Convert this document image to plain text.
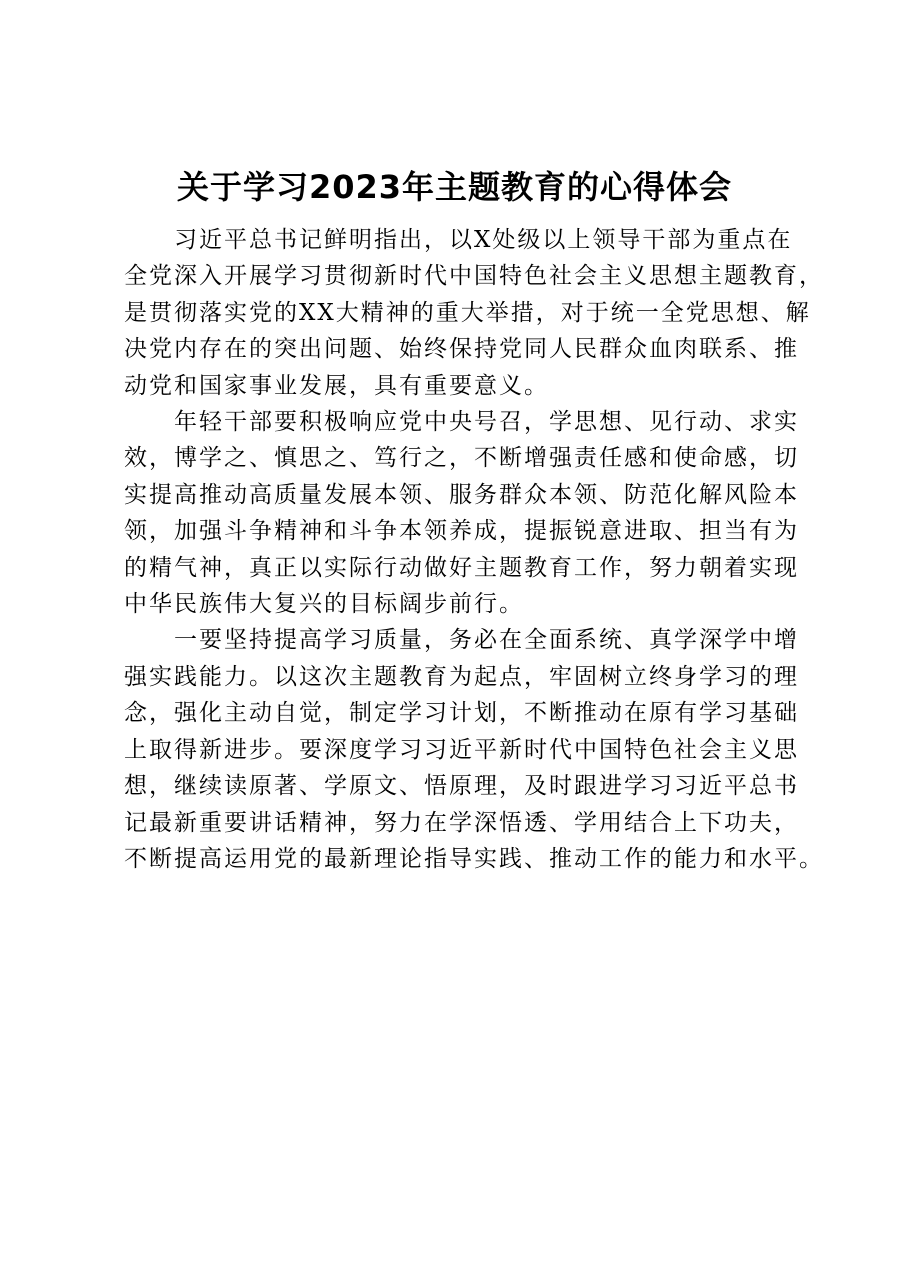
关于学习2023年主题教育的心得体会
　　习近平总书记鲜明指出，以X处级以上领导干部为重点在
全党深入开展学习贯彻新时代中国特色社会主义思想主题教育，
是贯彻落实党的XX大精神的重大举措，对于统一全党思想、解
决党内存在的突出问题、始终保持党同人民群众血肉联系、推
动党和国家事业发展，具有重要意义。
　　年轻干部要积极响应党中央号召，学思想、见行动、求实
效，博学之、慎思之、笃行之，不断增强责任感和使命感，切
实提高推动高质量发展本领、服务群众本领、防范化解风险本
领，加强斗争精神和斗争本领养成，提振锐意进取、担当有为
的精气神，真正以实际行动做好主题教育工作，努力朝着实现
中华民族伟大复兴的目标阔步前行。
　　一要坚持提高学习质量，务必在全面系统、真学深学中增
强实践能力。以这次主题教育为起点，牢固树立终身学习的理
念，强化主动自觉，制定学习计划，不断推动在原有学习基础
上取得新进步。要深度学习习近平新时代中国特色社会主义思
想，继续读原著、学原文、悟原理，及时跟进学习习近平总书
记最新重要讲话精神，努力在学深悟透、学用结合上下功夫，
不断提高运用党的最新理论指导实践、推动工作的能力和水平。
